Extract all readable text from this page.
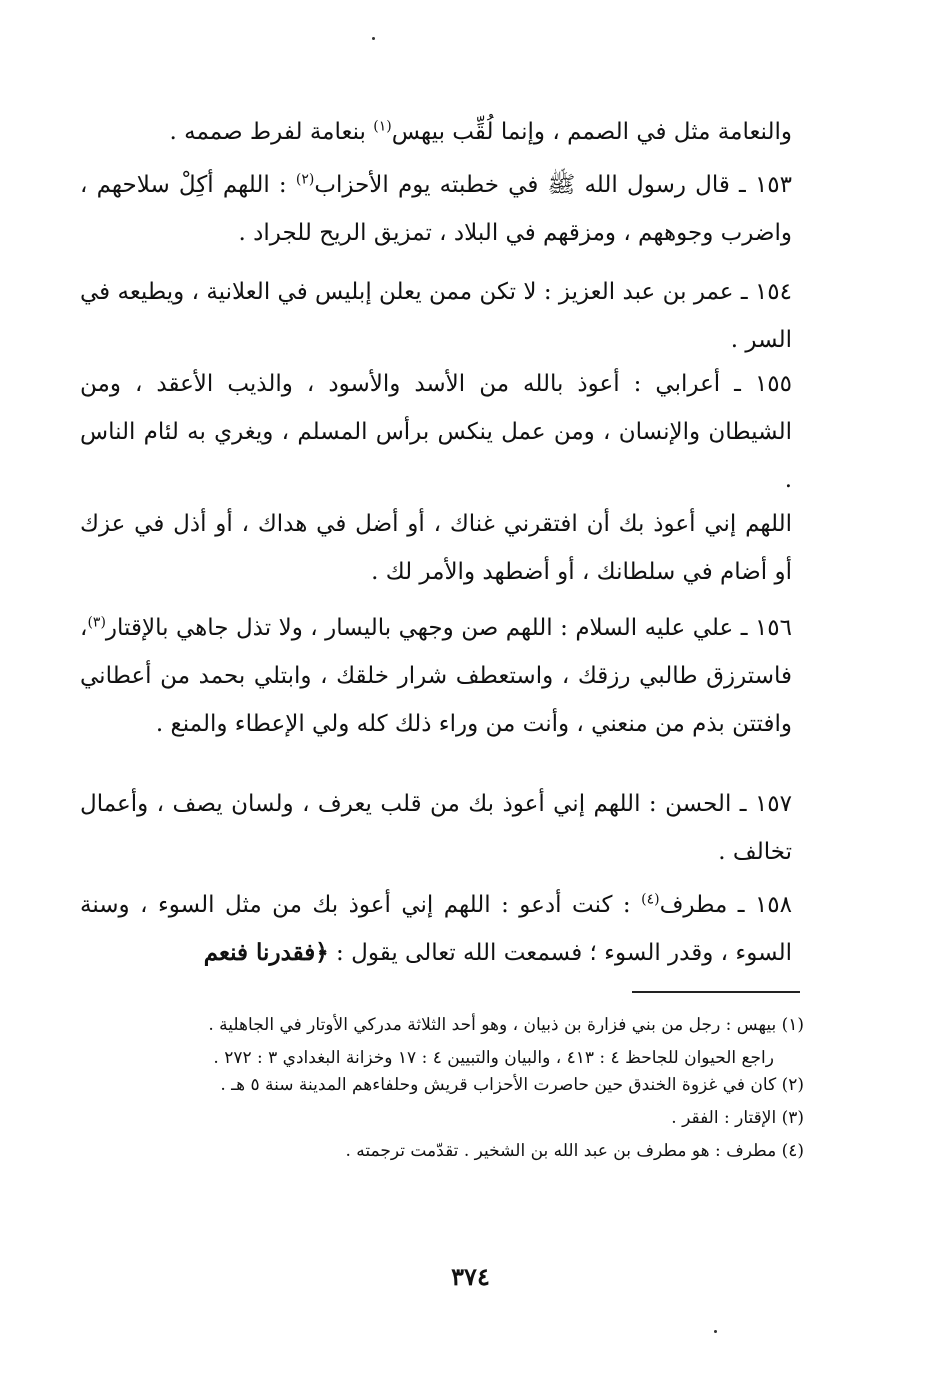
والنعامة مثل في الصمم ، وإنما لُقِّب بيهس$^{(١)}$ بنعامة لفرط صممه .

١٥٣ ـ قال رسول الله ﷺ في خطبته يوم الأحزاب$^{(٢)}$ : اللهم أكِلْ سلاحهم ، واضرب وجوههم ، ومزقهم في البلاد ، تمزيق الريح للجراد .

١٥٤ ـ عمر بن عبد العزيز : لا تكن ممن يعلن إبليس في العلانية ، ويطيعه في السر .

١٥٥ ـ أعرابي : أعوذ بالله من الأسد والأسود ، والذيب الأعقد ، ومن الشيطان والإنسان ، ومن عمل ينكس برأس المسلم ، ويغري به لئام الناس .

اللهم إني أعوذ بك أن افتقرني غناك ، أو أضل في هداك ، أو أذل في عزك أو أضام في سلطانك ، أو أضطهد والأمر لك .

١٥٦ ـ علي عليه السلام : اللهم صن وجهي باليسار ، ولا تذل جاهي بالإقتار$^{(٣)}$، فاسترزق طالبي رزقك ، واستعطف شرار خلقك ، وابتلي بحمد من أعطاني وافتتن بذم من منعني ، وأنت من وراء ذلك كله ولي الإعطاء والمنع .

١٥٧ ـ الحسن : اللهم إني أعوذ بك من قلب يعرف ، ولسان يصف ، وأعمال تخالف .

١٥٨ ـ مطرف$^{(٤)}$ : كنت أدعو : اللهم إني أعوذ بك من مثل السوء ، وسنة السوء ، وقدر السوء ؛ فسمعت الله تعالى يقول : ﴿فقدرنا فنعم

(١) بيهس : رجل من بني فزارة بن ذبيان ، وهو أحد الثلاثة مدركي الأوتار في الجاهلية .

راجع الحيوان للجاحظ ٤ : ٤١٣ ، والبيان والتبيين ٤ : ١٧ وخزانة البغدادي ٣ : ٢٧٢ .

(٢) كان في غزوة الخندق حين حاصرت الأحزاب قريش وحلفاءهم المدينة سنة ٥ هـ .

(٣) الإقتار : الفقر .

(٤) مطرف : هو مطرف بن عبد الله بن الشخير . تقدّمت ترجمته .

٣٧٤
